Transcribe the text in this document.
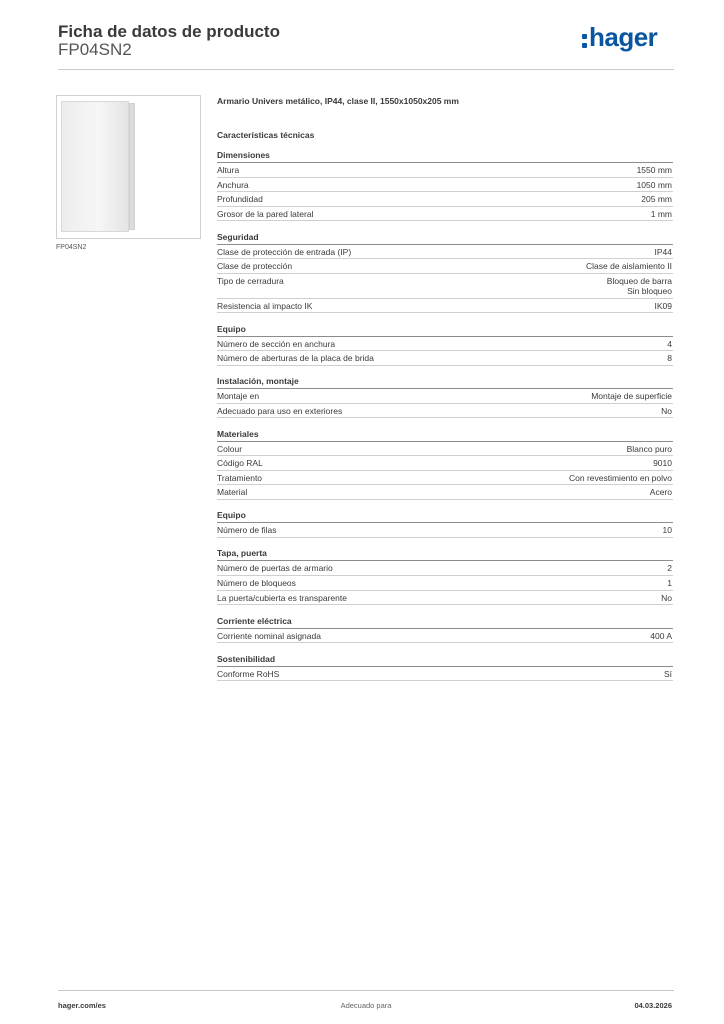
Ficha de datos de producto
FP04SN2	hager
FP04SN2
Armario Univers metálico, IP44, clase II, 1550x1050x205 mm
Características técnicas
Dimensiones
Altura	1550 mm
Anchura	1050 mm
Profundidad	205 mm
Grosor de la pared lateral	1 mm
Seguridad
Clase de protección de entrada (IP)	IP44
Clase de protección	Clase de aislamiento II
Tipo de cerradura	Bloqueo de barra
Sin bloqueo
Resistencia al impacto IK	IK09
Equipo
Número de sección en anchura	4
Número de aberturas de la placa de brida	8
Instalación, montaje
Montaje en	Montaje de superficie
Adecuado para uso en exteriores	No
Materiales
Colour	Blanco puro
Código RAL	9010
Tratamiento	Con revestimiento en polvo
Material	Acero
Equipo
Número de filas	10
Tapa, puerta
Número de puertas de armario	2
Número de bloqueos	1
La puerta/cubierta es transparente	No
Corriente eléctrica
Corriente nominal asignada	400 A
Sostenibilidad
Conforme RoHS	Sí
hager.com/es	Adecuado para	04.03.2026
